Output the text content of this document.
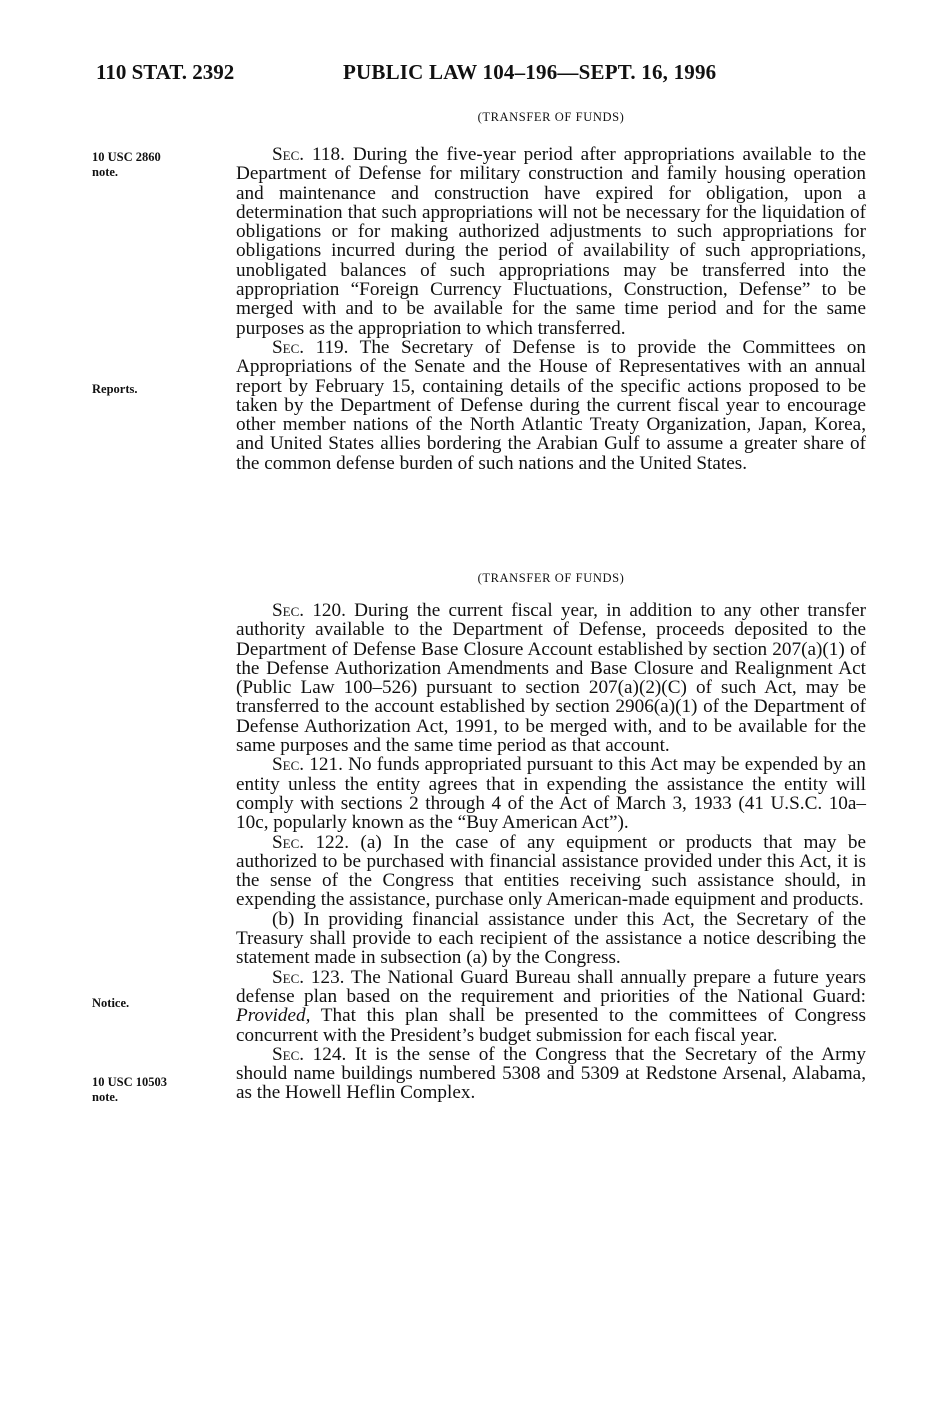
110 STAT. 2392	PUBLIC LAW 104–196—SEPT. 16, 1996
(TRANSFER OF FUNDS)
10 USC 2860
note.
Reports.

Sec. 118. During the five-year period after appropriations available to the Department of Defense for military construction and family housing operation and maintenance and construction have expired for obligation, upon a determination that such appropriations will not be necessary for the liquidation of obligations or for making authorized adjustments to such appropriations for obligations incurred during the period of availability of such appropriations, unobligated balances of such appropriations may be transferred into the appropriation “Foreign Currency Fluctuations, Construction, Defense” to be merged with and to be available for the same time period and for the same purposes as the appropriation to which transferred.

Sec. 119. The Secretary of Defense is to provide the Committees on Appropriations of the Senate and the House of Representatives with an annual report by February 15, containing details of the specific actions proposed to be taken by the Department of Defense during the current fiscal year to encourage other member nations of the North Atlantic Treaty Organization, Japan, Korea, and United States allies bordering the Arabian Gulf to assume a greater share of the common defense burden of such nations and the United States.

(TRANSFER OF FUNDS)
Notice.
10 USC 10503
note.

Sec. 120. During the current fiscal year, in addition to any other transfer authority available to the Department of Defense, proceeds deposited to the Department of Defense Base Closure Account established by section 207(a)(1) of the Defense Authorization Amendments and Base Closure and Realignment Act (Public Law 100–526) pursuant to section 207(a)(2)(C) of such Act, may be transferred to the account established by section 2906(a)(1) of the Department of Defense Authorization Act, 1991, to be merged with, and to be available for the same purposes and the same time period as that account.

Sec. 121. No funds appropriated pursuant to this Act may be expended by an entity unless the entity agrees that in expending the assistance the entity will comply with sections 2 through 4 of the Act of March 3, 1933 (41 U.S.C. 10a–10c, popularly known as the “Buy American Act”).

Sec. 122. (a) In the case of any equipment or products that may be authorized to be purchased with financial assistance provided under this Act, it is the sense of the Congress that entities receiving such assistance should, in expending the assistance, purchase only American-made equipment and products.

(b) In providing financial assistance under this Act, the Secretary of the Treasury shall provide to each recipient of the assistance a notice describing the statement made in subsection (a) by the Congress.

Sec. 123. The National Guard Bureau shall annually prepare a future years defense plan based on the requirement and priorities of the National Guard: Provided, That this plan shall be presented to the committees of Congress concurrent with the President’s budget submission for each fiscal year.

Sec. 124. It is the sense of the Congress that the Secretary of the Army should name buildings numbered 5308 and 5309 at Redstone Arsenal, Alabama, as the Howell Heflin Complex.
